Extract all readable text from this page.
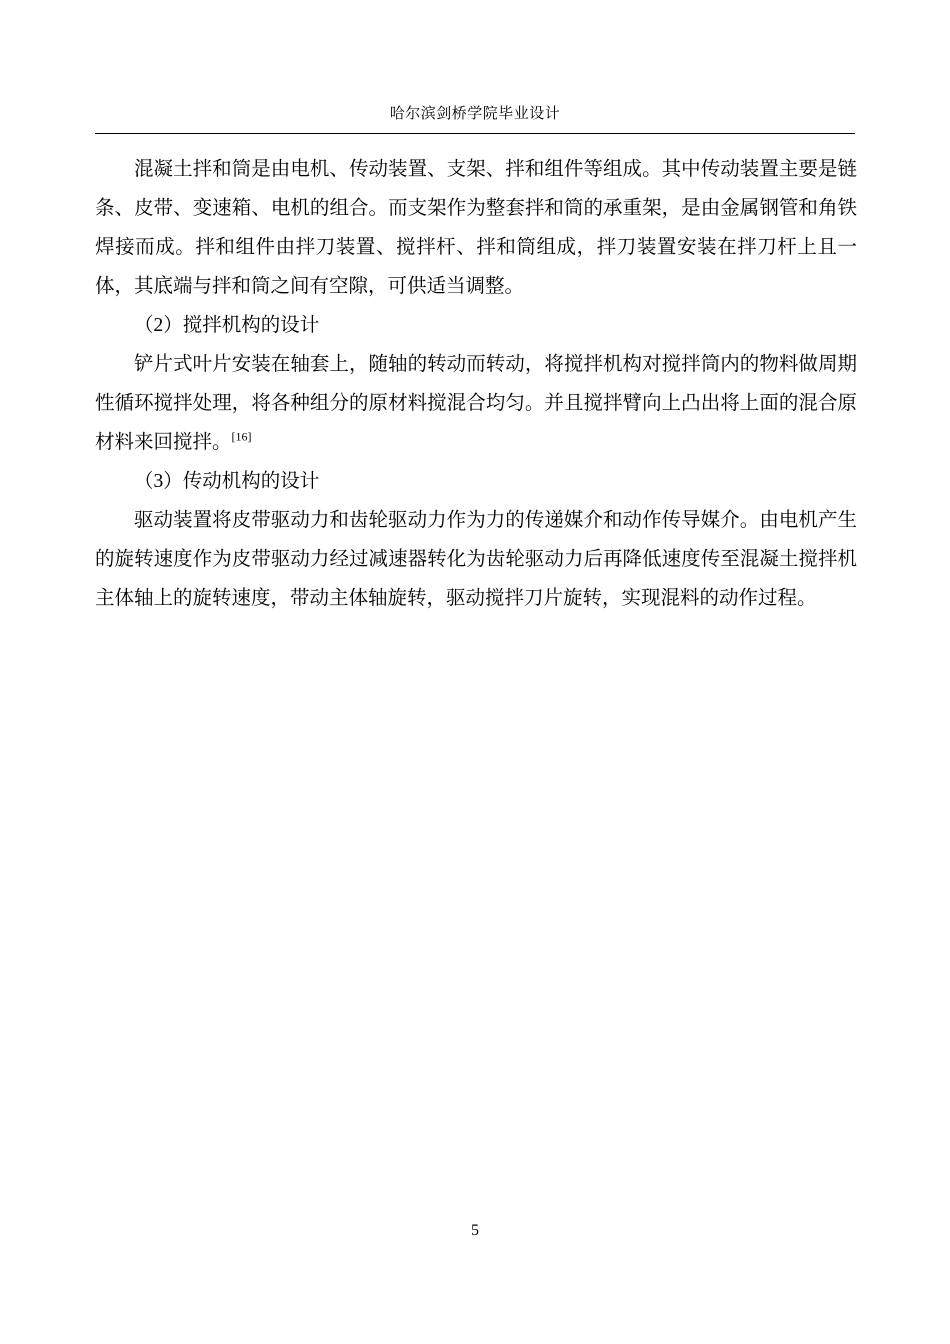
哈尔滨剑桥学院毕业设计

混凝土拌和筒是由电机、传动装置、支架、拌和组件等组成。其中传动装置主要是链条、皮带、变速箱、电机的组合。而支架作为整套拌和筒的承重架，是由金属钢管和角铁焊接而成。拌和组件由拌刀装置、搅拌杆、拌和筒组成，拌刀装置安装在拌刀杆上且一体，其底端与拌和筒之间有空隙，可供适当调整。

（2）搅拌机构的设计

铲片式叶片安装在轴套上，随轴的转动而转动，将搅拌机构对搅拌筒内的物料做周期性循环搅拌处理，将各种组分的原材料搅混合均匀。并且搅拌臂向上凸出将上面的混合原材料来回搅拌。[16]

（3）传动机构的设计

驱动装置将皮带驱动力和齿轮驱动力作为力的传递媒介和动作传导媒介。由电机产生的旋转速度作为皮带驱动力经过减速器转化为齿轮驱动力后再降低速度传至混凝土搅拌机主体轴上的旋转速度，带动主体轴旋转，驱动搅拌刀片旋转，实现混料的动作过程。

5
